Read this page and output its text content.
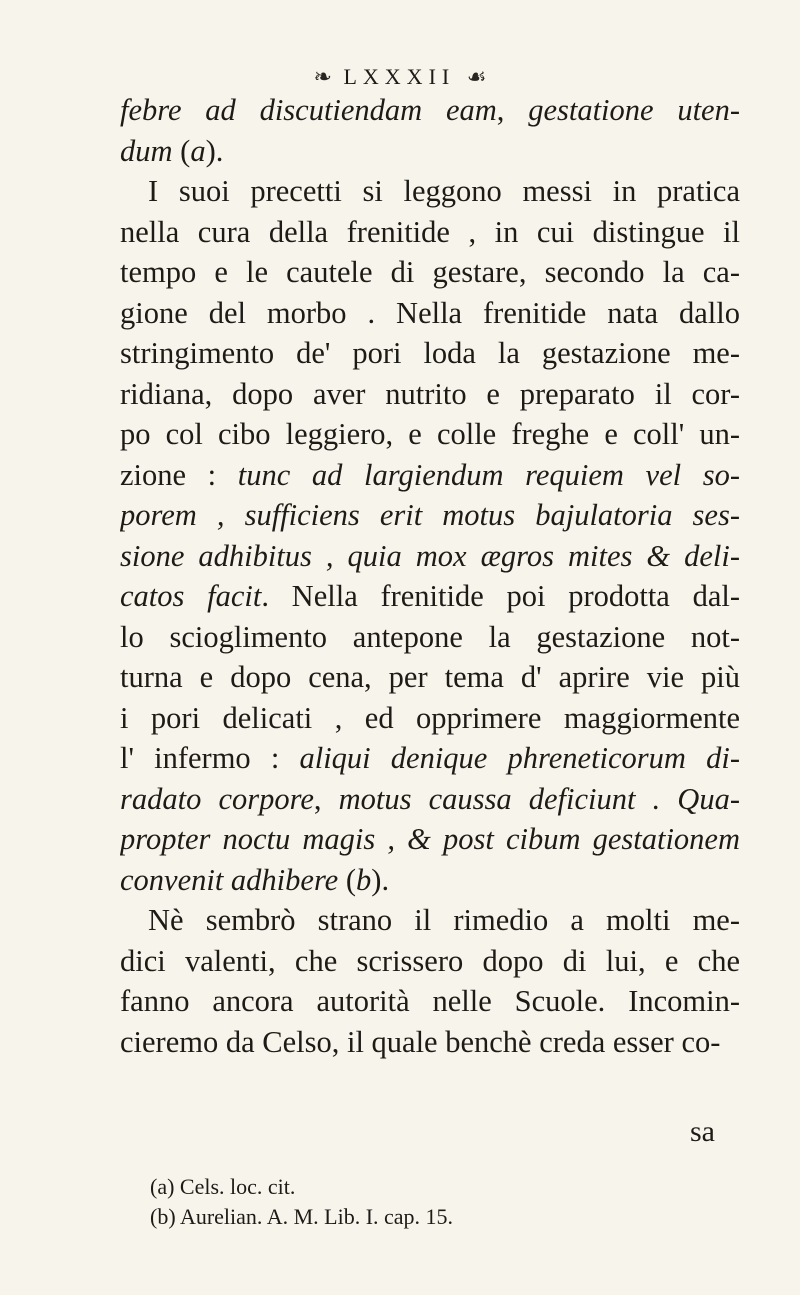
❧ LXXXII ☙
febre ad discutiendam eam, gestatione uten-
dum (a).
I suoi precetti si leggono messi in pratica
nella cura della frenitide , in cui distingue il
tempo e le cautele di gestare, secondo la ca-
gione del morbo . Nella frenitide nata dallo
stringimento de' pori loda la gestazione me-
ridiana, dopo aver nutrito e preparato il cor-
po col cibo leggiero, e colle freghe e coll' un-
zione : tunc ad largiendum requiem vel so-
porem , sufficiens erit motus bajulatoria ses-
sione adhibitus , quia mox ægros mites & deli-
catos facit. Nella frenitide poi prodotta dal-
lo scioglimento antepone la gestazione not-
turna e dopo cena, per tema d' aprire vie più
i pori delicati , ed opprimere maggiormente
l' infermo : aliqui denique phreneticorum di-
radato corpore, motus caussa deficiunt . Qua-
propter noctu magis , & post cibum gestationem
convenit adhibere (b).
Nè sembrò strano il rimedio a molti me-
dici valenti, che scrissero dopo di lui, e che
fanno ancora autorità nelle Scuole. Incomin-
cieremo da Celso, il quale benchè creda esser co-
sa
(a) Cels. loc. cit.
(b) Aurelian. A. M. Lib. I. cap. 15.
